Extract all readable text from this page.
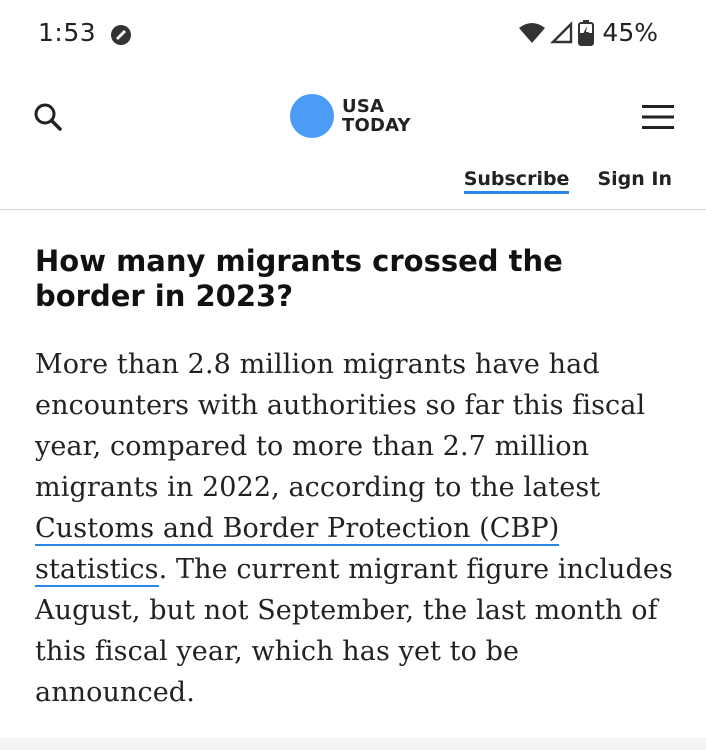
1:53	45%
USA
TODAY
Subscribe Sign In
How many migrants crossed the border in 2023?

More than 2.8 million migrants have had encounters with authorities so far this fiscal year, compared to more than 2.7 million migrants in 2022, according to the latest Customs and Border Protection (CBP) statistics. The current migrant figure includes August, but not September, the last month of this fiscal year, which has yet to be announced.
